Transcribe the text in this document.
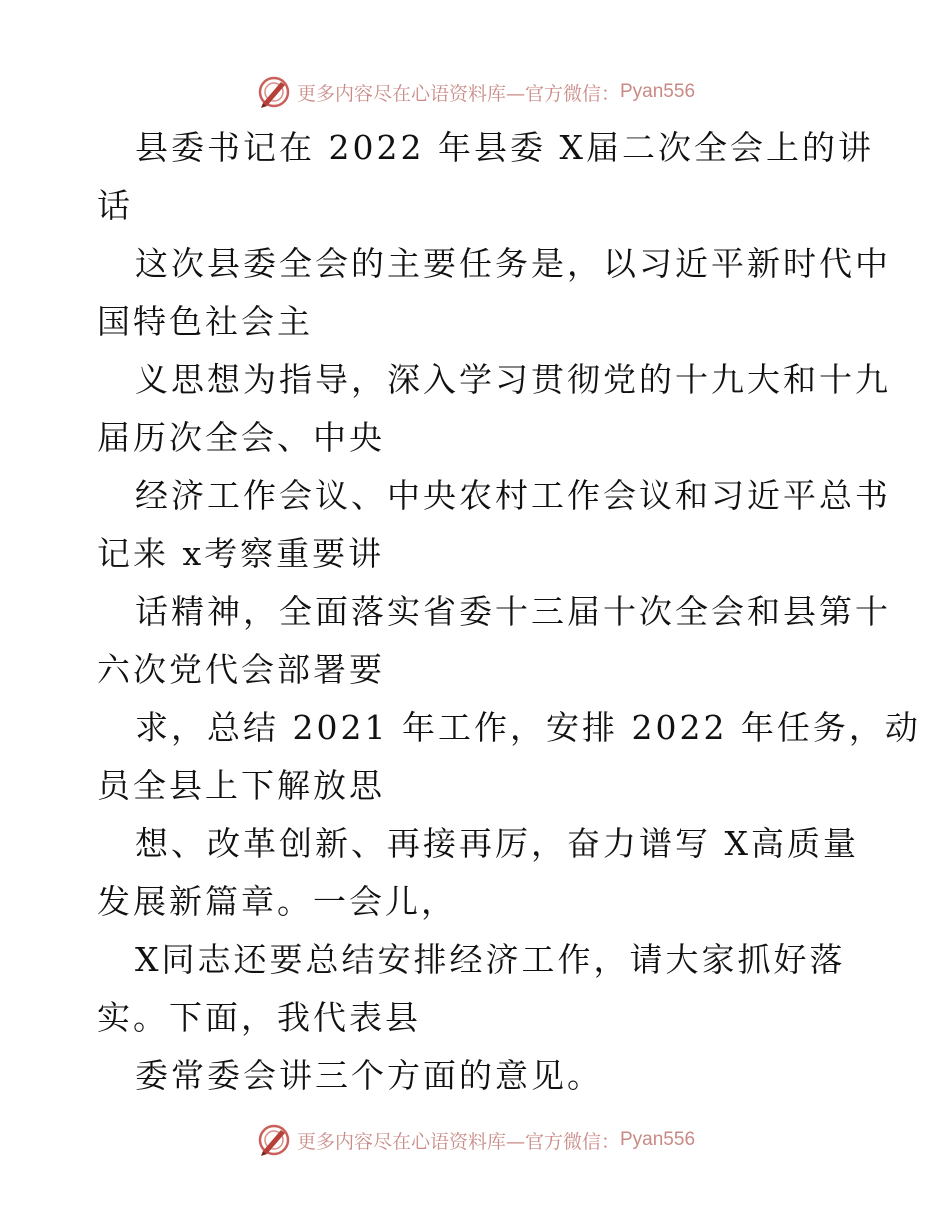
更多内容尽在心语资料库—官方微信： Pyan556
县委书记在 2022 年县委 X届二次全会上的讲
话
这次县委全会的主要任务是，以习近平新时代中
国特色社会主
义思想为指导，深入学习贯彻党的十九大和十九
届历次全会、中央
经济工作会议、中央农村工作会议和习近平总书
记来 x考察重要讲
话精神，全面落实省委十三届十次全会和县第十
六次党代会部署要
求，总结 2021 年工作，安排 2022 年任务，动
员全县上下解放思
想、改革创新、再接再厉，奋力谱写 X高质量
发展新篇章。一会儿，
X同志还要总结安排经济工作，请大家抓好落
实。下面，我代表县
委常委会讲三个方面的意见。
更多内容尽在心语资料库—官方微信： Pyan556
